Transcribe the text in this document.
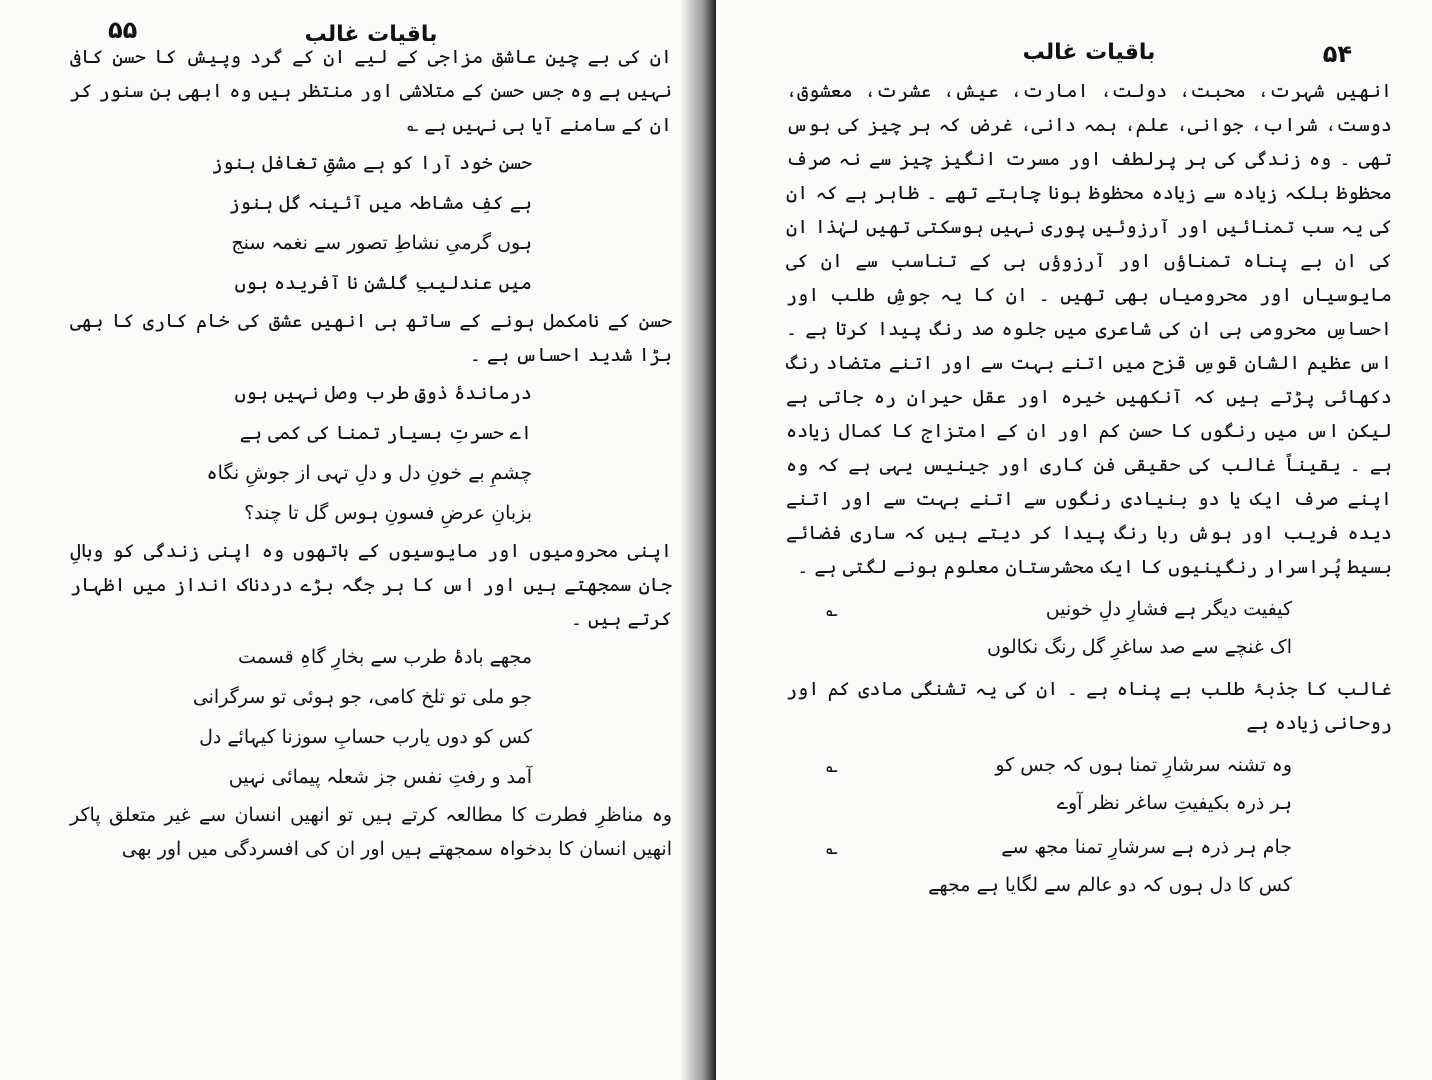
۵۵	باقیات غالب

ان کی بے چین عاشق مزاجی کے لیے ان کے گرد وپیش کا حسن کافی نہیں ہے وہ جس حسن کے متلاشی اور منتظر ہیں وہ ابھی بن سنور کر ان کے سامنے آیا ہی نہیں ہے ؎

حسن خود آرا کو ہے مشقِ تغافل ہنوز
ہے کفِ مشاطہ میں آئینہ گل ہنوز
ہوں گرمیِ نشاطِ تصور سے نغمہ سنج
میں عندلیبِ گلشنِ نا آفریدہ ہوں

حسن کے نامکمل ہونے کے ساتھ ہی انھیں عشق کی خام کاری کا بھی بڑا شدید احساس ہے ۔

درماندۂ ذوقِ طرب وصل نہیں ہوں
اے حسرتِ بسیار تمنا کی کمی ہے
چشمِ بے خونِ دل و دلِ تہی از جوشِ نگاہ
بزبانِ عرضِ فسونِ ہوس گل تا چند؟

اپنی محرومیوں اور مایوسیوں کے ہاتھوں وہ اپنی زندگی کو وبالِ جان سمجھتے ہیں اور اس کا ہر جگہ بڑے دردناک انداز میں اظہار کرتے ہیں ۔

مجھے بادۂ طرب سے بخارِ گاہِ قسمت
جو ملی تو تلخ کامی، جو ہوئی تو سرگرانی
کس کو دوں یارب حسابِ سوزنا کیہائے دل
آمد و رفتِ نفس جز شعلہ پیمائی نہیں

وہ مناظرِ فطرت کا مطالعہ کرتے ہیں تو انھیں انسان سے غیر متعلق پاکر انھیں انسان کا بدخواہ سمجھتے ہیں اور ان کی افسردگی میں اور بھی

باقیات غالب	۵۴

انھیں شہرت، محبت، دولت، امارت، عیش، عشرت، معشوق، دوست، شراب، جوانی، علم، ہمہ دانی، غرض کہ ہر چیز کی ہوس تھی ۔ وہ زندگی کی ہر پرلطف اور مسرت انگیز چیز سے نہ صرف محظوظ بلکہ زیادہ سے زیادہ محظوظ ہونا چاہتے تھے ۔ ظاہر ہے کہ ان کی یہ سب تمنائیں اور آرزوئیں پوری نہیں ہوسکتی تھیں لہٰذا ان کی ان بے پناہ تمناؤں اور آرزوؤں ہی کے تناسب سے ان کی مایوسیاں اور محرومیاں بھی تھیں ۔ ان کا یہ جوشِ طلب اور احساسِ محرومی ہی ان کی شاعری میں جلوہ صد رنگ پیدا کرتا ہے ۔ اس عظیم الشان قوسِ قزح میں اتنے بہت سے اور اتنے متضاد رنگ دکھائی پڑتے ہیں کہ آنکھیں خیرہ اور عقل حیران رہ جاتی ہے لیکن اس میں رنگوں کا حسن کم اور ان کے امتزاج کا کمال زیادہ ہے ۔ یقیناً غالب کی حقیقی فن کاری اور جینیس یہی ہے کہ وہ اپنے صرف ایک یا دو بنیادی رنگوں سے اتنے بہت سے اور اتنے دیدہ فریب اور ہوش ربا رنگ پیدا کر دیتے ہیں کہ ساری فضائے بسیط پُراسرار رنگینیوں کا ایک محشرستان معلوم ہونے لگتی ہے ۔

؎	کیفیت دیگر ہے فشارِ دلِ خونیں
اک غنچے سے صد ساغرِ گل رنگ نکالوں

غالب کا جذبۂ طلب بے پناہ ہے ۔ ان کی یہ تشنگی مادی کم اور روحانی زیادہ ہے

؎	وہ تشنہ سرشارِ تمنا ہوں کہ جس کو
ہر ذرہ بکیفیتِ ساغر نظر آوے
؎	جام ہر ذرہ ہے سرشارِ تمنا مجھ سے
کس کا دل ہوں کہ دو عالم سے لگایا ہے مجھے
